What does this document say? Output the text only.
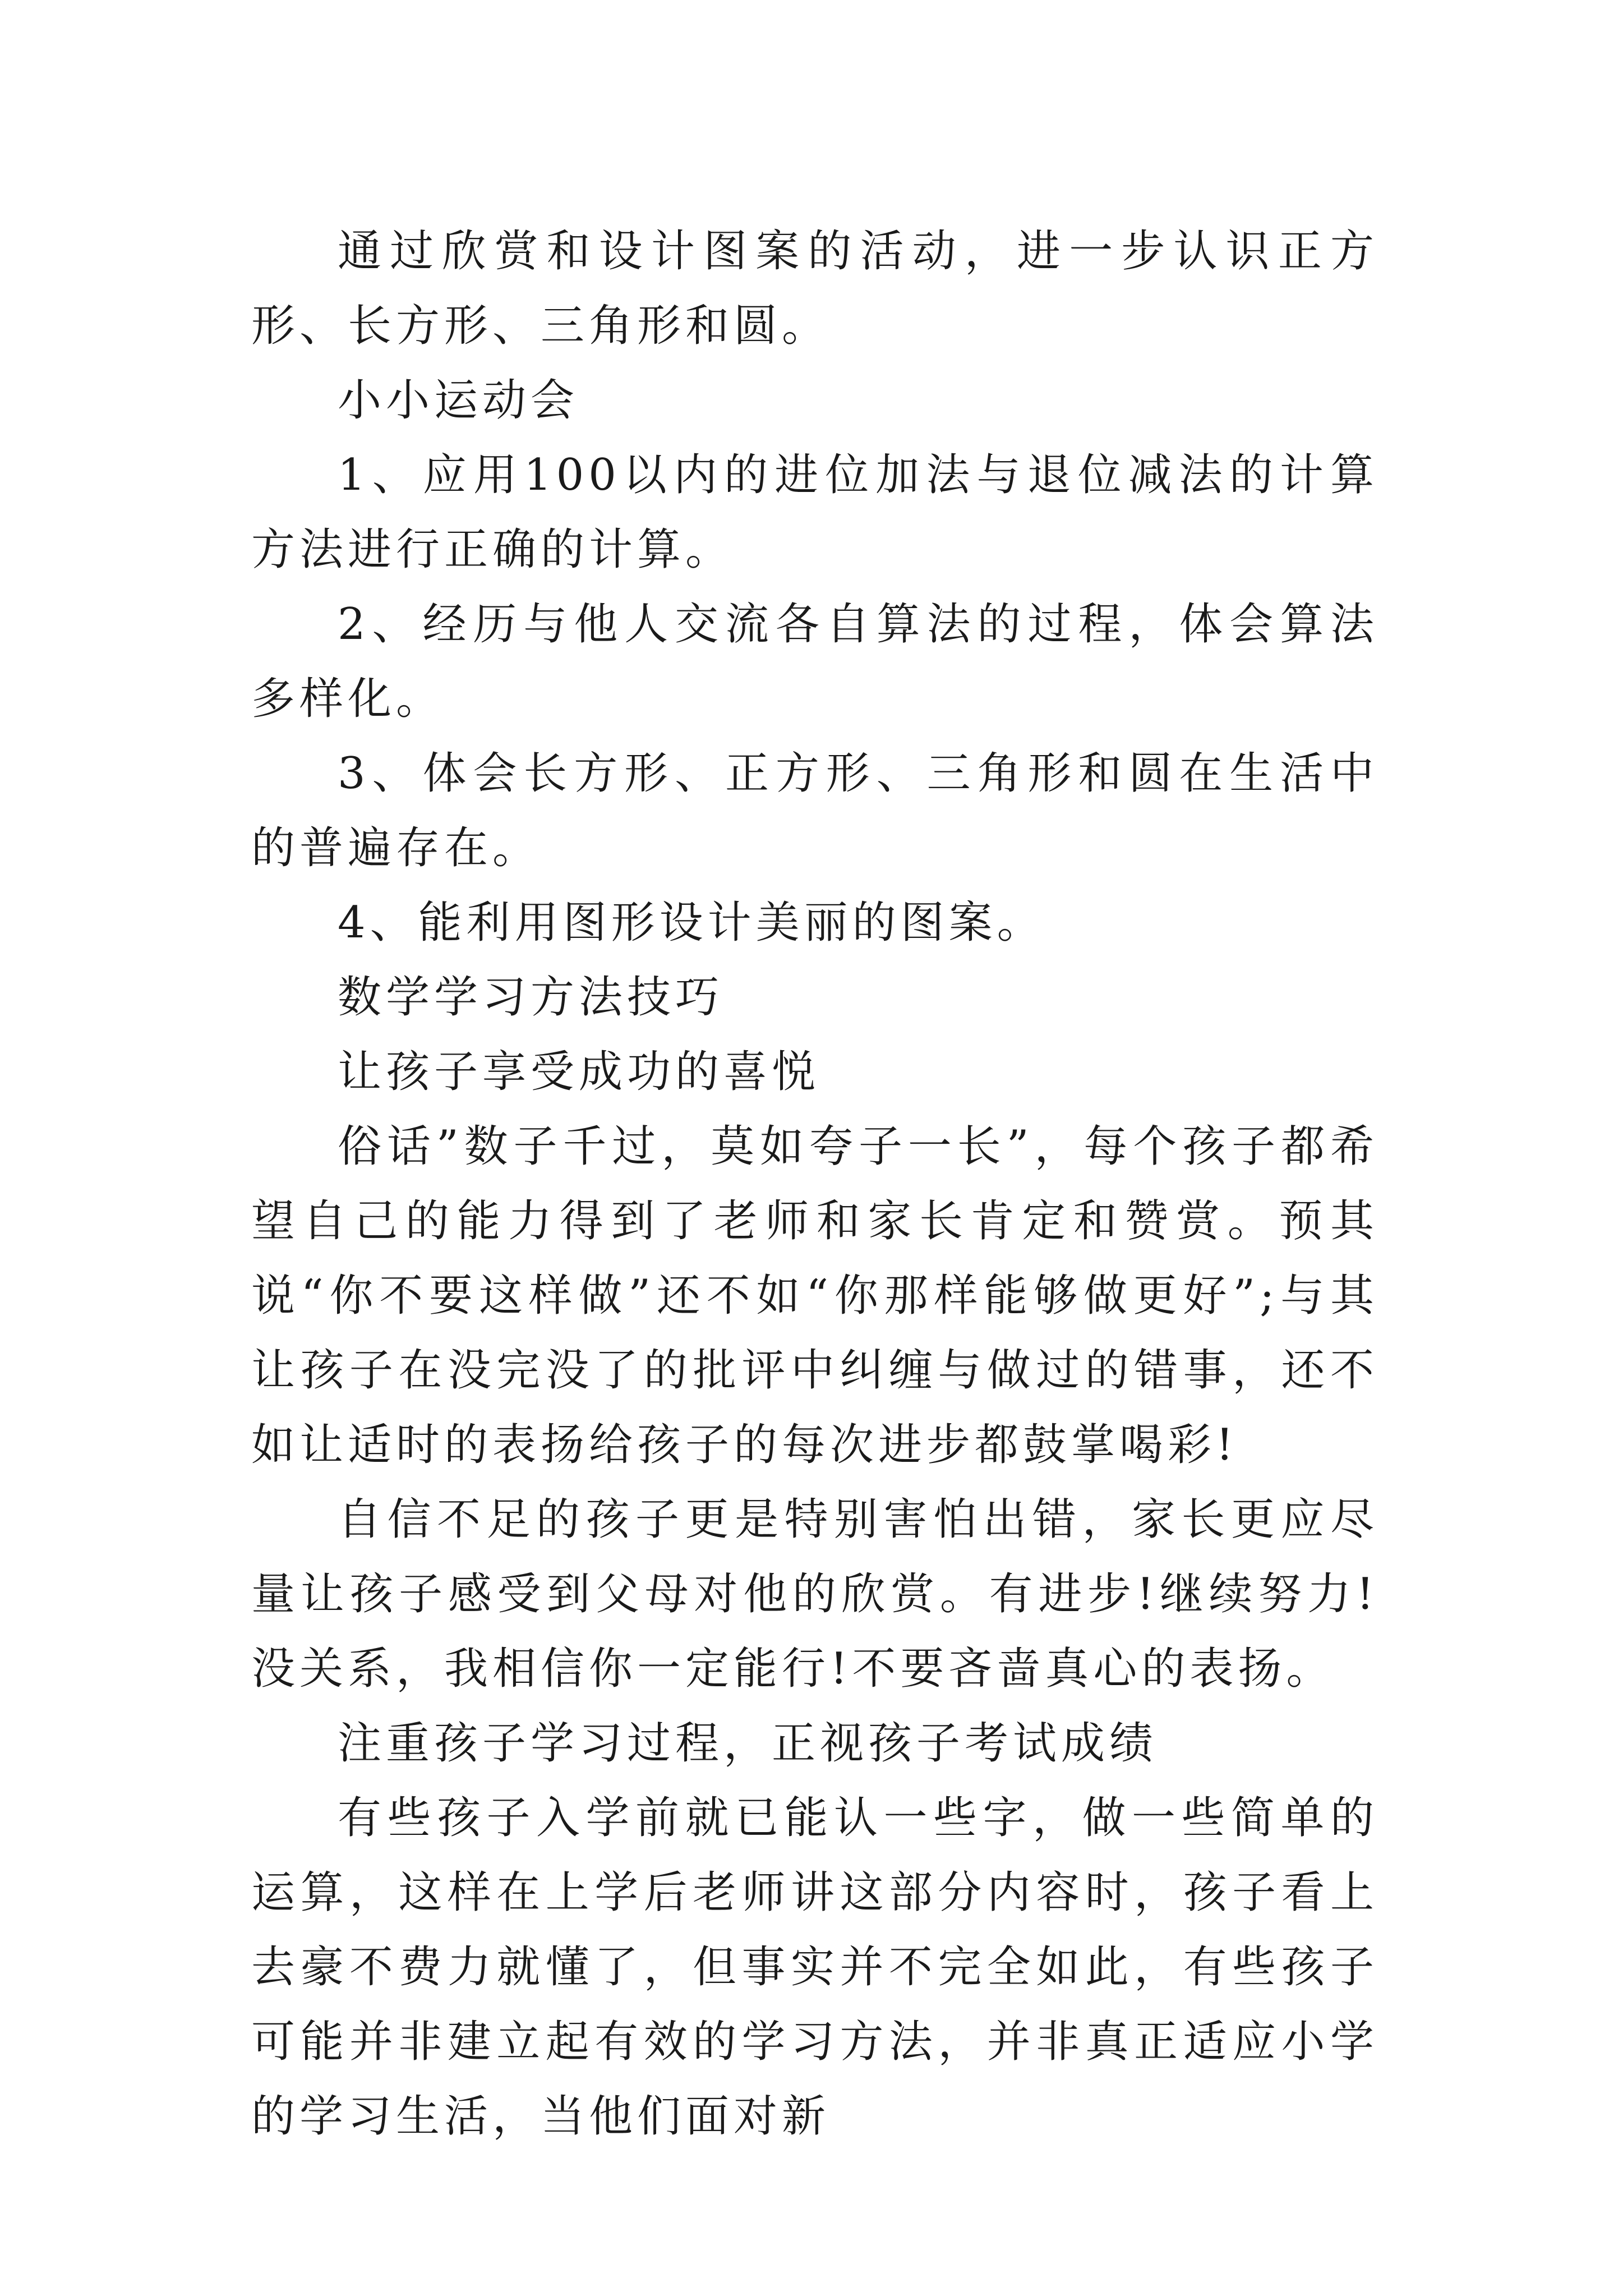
通过欣赏和设计图案的活动，进一步认识正方形、长方形、三角形和圆。

小小运动会

1、应用100以内的进位加法与退位减法的计算方法进行正确的计算。

2、经历与他人交流各自算法的过程，体会算法多样化。

3、体会长方形、正方形、三角形和圆在生活中的普遍存在。

4、能利用图形设计美丽的图案。

数学学习方法技巧

让孩子享受成功的喜悦

俗话”数子千过，莫如夸子一长”，每个孩子都希望自己的能力得到了老师和家长肯定和赞赏。预其说“你不要这样做”还不如“你那样能够做更好”;与其让孩子在没完没了的批评中纠缠与做过的错事，还不如让适时的表扬给孩子的每次进步都鼓掌喝彩!

自信不足的孩子更是特别害怕出错，家长更应尽量让孩子感受到父母对他的欣赏。有进步!继续努力!没关系，我相信你一定能行!不要吝啬真心的表扬。

注重孩子学习过程，正视孩子考试成绩

有些孩子入学前就已能认一些字，做一些简单的运算，这样在上学后老师讲这部分内容时，孩子看上去豪不费力就懂了，但事实并不完全如此，有些孩子可能并非建立起有效的学习方法，并非真正适应小学的学习生活，当他们面对新
